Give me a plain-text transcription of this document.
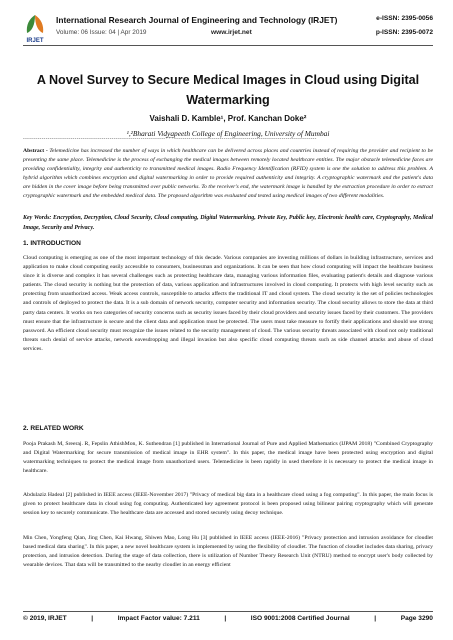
IRJET
International Research Journal of Engineering and Technology (IRJET)
Volume: 06 Issue: 04 | Apr 2019	www.irjet.net
e-ISSN: 2395-0056
p-ISSN: 2395-0072
A Novel Survey to Secure Medical Images in Cloud using Digital Watermarking
Vaishali D. Kamble¹, Prof. Kanchan Doke²
¹,²Bharati Vidyapeeth College of Engineering, University of Mumbai
---------------------------------------------------------------------***---------------------------------------------------------------------
Abstract - Telemedicine has increased the number of ways in which healthcare can be delivered across places and countries instead of requiring the provider and recipient to be presenting the same place. Telemedicine is the process of exchanging the medical images between remotely located healthcare entities. The major obstacle telemedicine faces are providing confidentiality, integrity and authenticity to transmitted medical images. Radio Frequency Identification (RFID) system is one the solution to address this problem. A hybrid algorithm which combines encryption and digital watermarking in order to provide required authenticity and integrity. A cryptographic watermark and the patient's data are hidden in the cover image before being transmitted over public networks. To the receiver's end, the watermark image is handled by the extraction procedure in order to extract cryptographic watermark and the embedded medical data. The proposed algorithm was evaluated and tested using medical images of two different modalities.
Key Words: Encryption, Decryption, Cloud Security, Cloud computing, Digital Watermarking, Private Key, Public key, Electronic health care, Cryptography, Medical Image, Security and Privacy.
1. INTRODUCTION
Cloud computing is emerging as one of the most important technology of this decade. Various companies are investing millions of dollars in building infrastructure, services and application to make cloud computing easily accessible to consumers, businessman and organizations. It can be seen that how cloud computing will impact the healthcare business since it is diverse and complex it has several challenges such as protecting healthcare data, managing various information files, evaluating patient's details and diagnose various patients. The cloud security is nothing but the protection of data, various application and infrastructures involved in cloud computing. It protects with high level security such as protecting from unauthorized access. Weak access controls, susceptible to attacks affects the traditional IT and cloud system. The cloud security is the set of policies technologies and controls of deployed to protect the data. It is a sub domain of network security, computer security and information security. The cloud security allows to store the data at third party data centers. It works on two categories of security concerns such as security issues faced by their cloud providers and security issues faced by their customers. The providers must ensure that the infrastructure is secure and the client data and application must be protected. The users must take measure to fortify their applications and should use strong password. An efficient cloud security must recognize the issues related to the security management of cloud. The various security threats associated with cloud not only traditional threats such denial of service attacks, network eavesdropping and illegal invasion but also specific cloud computing threats such as side channel attacks and abuse of cloud services.
2. RELATED WORK
Pooja Prakash M, Sreeraj. R, Fepslin AthishMon, K. Suthendran [1] published in International Journal of Pure and Applied Mathematics (IJPAM 2018) "Combined Cryptography and Digital Watermarking for secure transmission of medical image in EHR system". In this paper, the medical image have been protected using encryption and digital watermarking techniques to protect the medical image from unauthorized users. Telemedicine is been rapidly in used therefore it is necessary to protect the medical image in healthcare.
Abdulaziz Hadeal [2] published in IEEE access (IEEE-November 2017) "Privacy of medical big data in a healthcare cloud using a fog computing". In this paper, the main focus is given to protect healthcare data in cloud using fog computing. Authenticated key agreement protocol is been proposed using bilinear pairing cryptography which will generate session key to securely communicate. The healthcare data are accessed and stored securely using decoy technique.
Min Chen, Yongfeng Qian, Jing Chen, Kai Hwang, Shiwen Mao, Long Hu [3] published in IEEE access (IEEE-2016) "Privacy protection and intrusion avoidance for cloudlet based medical data sharing". In this paper, a new novel healthcare system is implemented by using the flexibility of cloudlet. The function of cloudlet includes data sharing, privacy protection, and intrusion detection. During the stage of data collection, there is utilization of Number Theory Research Unit (NTRU) method to encrypt user's body collected by wearable devices. That data will be transmitted to the nearby cloudlet in an energy efficient
© 2019, IRJET	|	Impact Factor value: 7.211	|	ISO 9001:2008 Certified Journal	|	Page 3290
